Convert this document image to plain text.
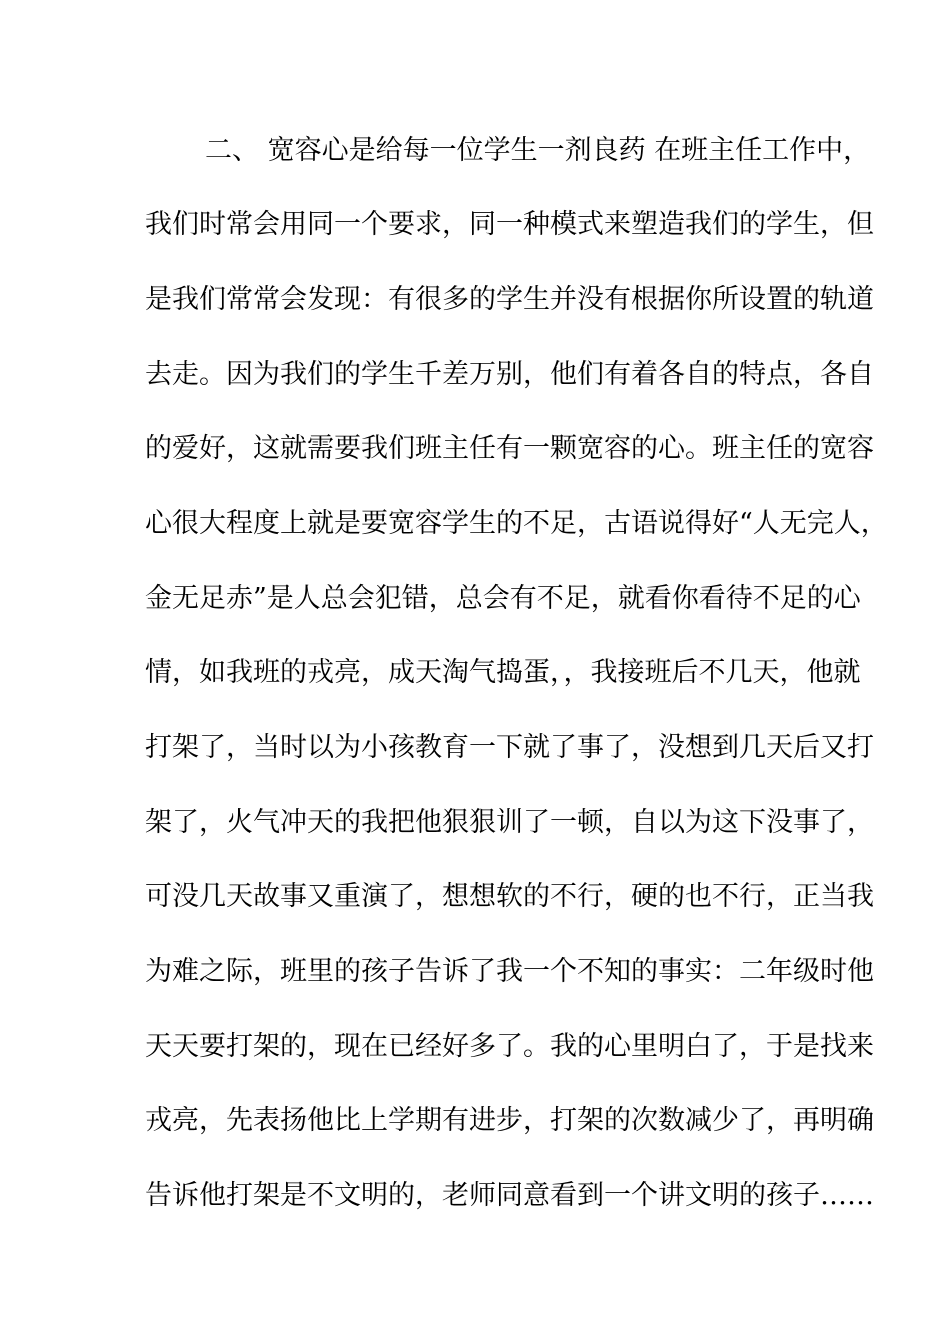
二、 宽容心是给每一位学生一剂良药 在班主任工作中，
我们时常会用同一个要求，同一种模式来塑造我们的学生，但
是我们常常会发现：有很多的学生并没有根据你所设置的轨道
去走。因为我们的学生千差万别，他们有着各自的特点，各自
的爱好，这就需要我们班主任有一颗宽容的心。班主任的宽容
心很大程度上就是要宽容学生的不足，古语说得好“人无完人，
金无足赤”是人总会犯错，总会有不足，就看你看待不足的心
情，如我班的戎亮，成天淘气捣蛋，，我接班后不几天，他就
打架了，当时以为小孩教育一下就了事了，没想到几天后又打
架了，火气冲天的我把他狠狠训了一顿，自以为这下没事了，
可没几天故事又重演了，想想软的不行，硬的也不行，正当我
为难之际，班里的孩子告诉了我一个不知的事实：二年级时他
天天要打架的，现在已经好多了。我的心里明白了，于是找来
戎亮，先表扬他比上学期有进步，打架的次数减少了，再明确
告诉他打架是不文明的，老师同意看到一个讲文明的孩子……
